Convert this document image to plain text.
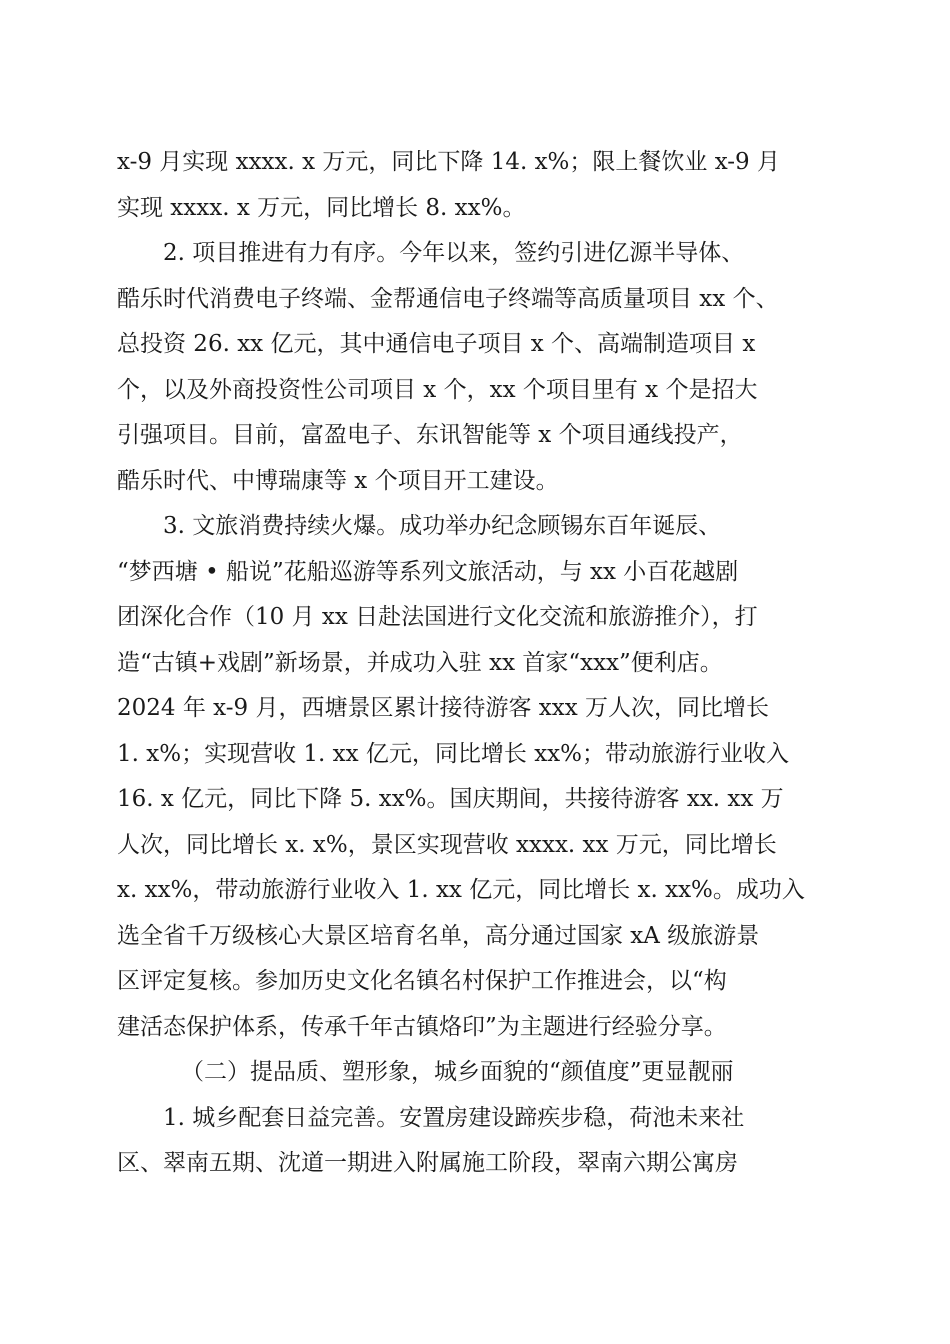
x-9 月实现 xxxx. x 万元，同比下降 14. x%；限上餐饮业 x-9 月
实现 xxxx. x 万元，同比增长 8. xx%。
2. 项目推进有力有序。今年以来，签约引进亿源半导体、
酷乐时代消费电子终端、金帮通信电子终端等高质量项目 xx 个、
总投资 26. xx 亿元，其中通信电子项目 x 个、高端制造项目 x
个，以及外商投资性公司项目 x 个，xx 个项目里有 x 个是招大
引强项目。目前，富盈电子、东讯智能等 x 个项目通线投产，
酷乐时代、中博瑞康等 x 个项目开工建设。
3. 文旅消费持续火爆。成功举办纪念顾锡东百年诞辰、
“梦西塘 • 船说”花船巡游等系列文旅活动，与 xx 小百花越剧
团深化合作（10 月 xx 日赴法国进行文化交流和旅游推介），打
造“古镇+戏剧”新场景，并成功入驻 xx 首家“xxx”便利店。
2024 年 x-9 月，西塘景区累计接待游客 xxx 万人次，同比增长
1. x%；实现营收 1. xx 亿元，同比增长 xx%；带动旅游行业收入
16. x 亿元，同比下降 5. xx%。国庆期间，共接待游客 xx. xx 万
人次，同比增长 x. x%，景区实现营收 xxxx. xx 万元，同比增长
x. xx%，带动旅游行业收入 1. xx 亿元，同比增长 x. xx%。成功入
选全省千万级核心大景区培育名单，高分通过国家 xA 级旅游景
区评定复核。参加历史文化名镇名村保护工作推进会，以“构
建活态保护体系，传承千年古镇烙印”为主题进行经验分享。
（二）提品质、塑形象，城乡面貌的“颜值度”更显靓丽
1. 城乡配套日益完善。安置房建设蹄疾步稳，荷池未来社
区、翠南五期、沈道一期进入附属施工阶段，翠南六期公寓房
